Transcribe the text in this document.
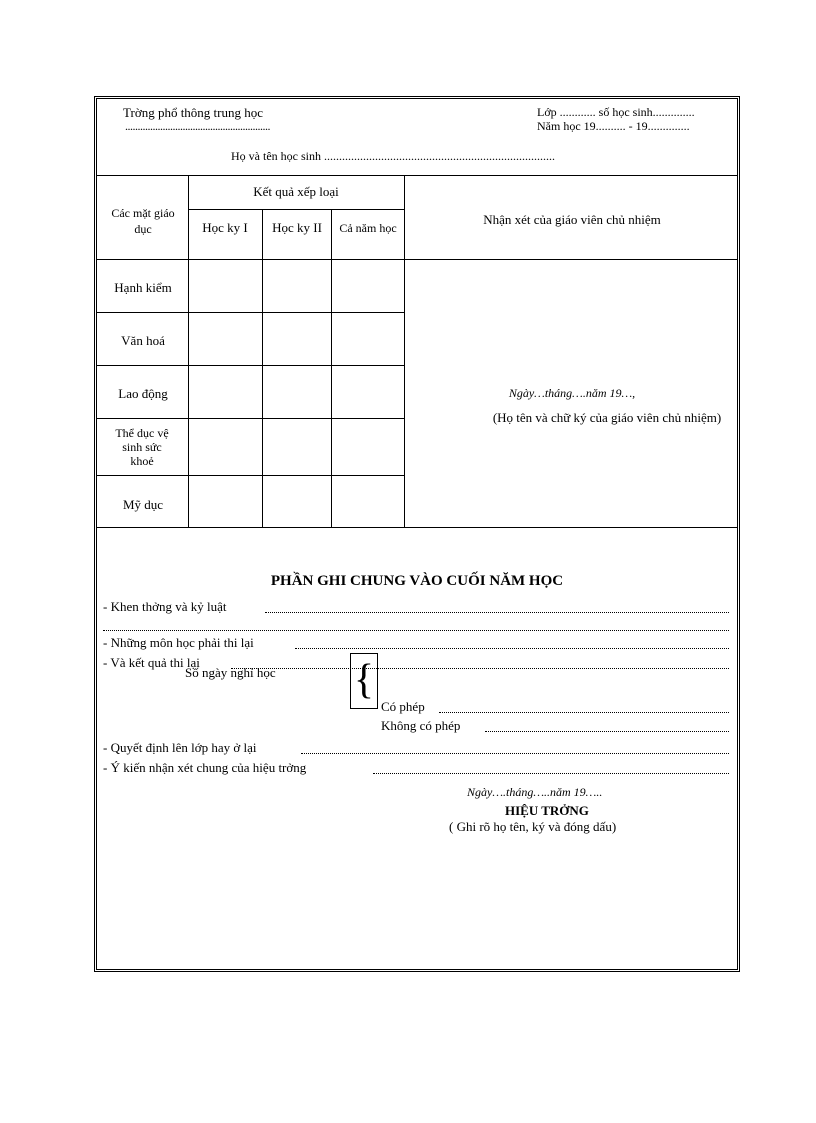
Trờng phổ thông trung học
..........................................................
Lớp ............ số học sinh..............
Năm học 19.......... - 19..............
Họ và tên học sinh .............................................................................
Các mặt giáo dục
Kết quả xếp loại
Học ky I	Học ky II	Cả năm học
Nhận xét của giáo viên chủ nhiệm
Hạnh kiểm
Văn hoá
Lao động
Thể dục vệ sinh sức khoẻ
Mỹ dục
Ngày…tháng….năm 19…,
(Họ tên và chữ ký của giáo viên chủ nhiệm)
PHẦN GHI CHUNG VÀO CUỐI NĂM HỌC
- Khen thởng và kỷ luật
- Những môn học phải thi lại
- Và kết quả thi lại
Số ngày nghỉ học {
Có phép
Không có phép
- Quyết định lên lớp hay ở lại
- Ý kiến nhận xét chung của hiệu trởng
Ngày….tháng…..năm 19…..
HIỆU TRỞNG
( Ghi rõ họ tên, ký và đóng dấu)
